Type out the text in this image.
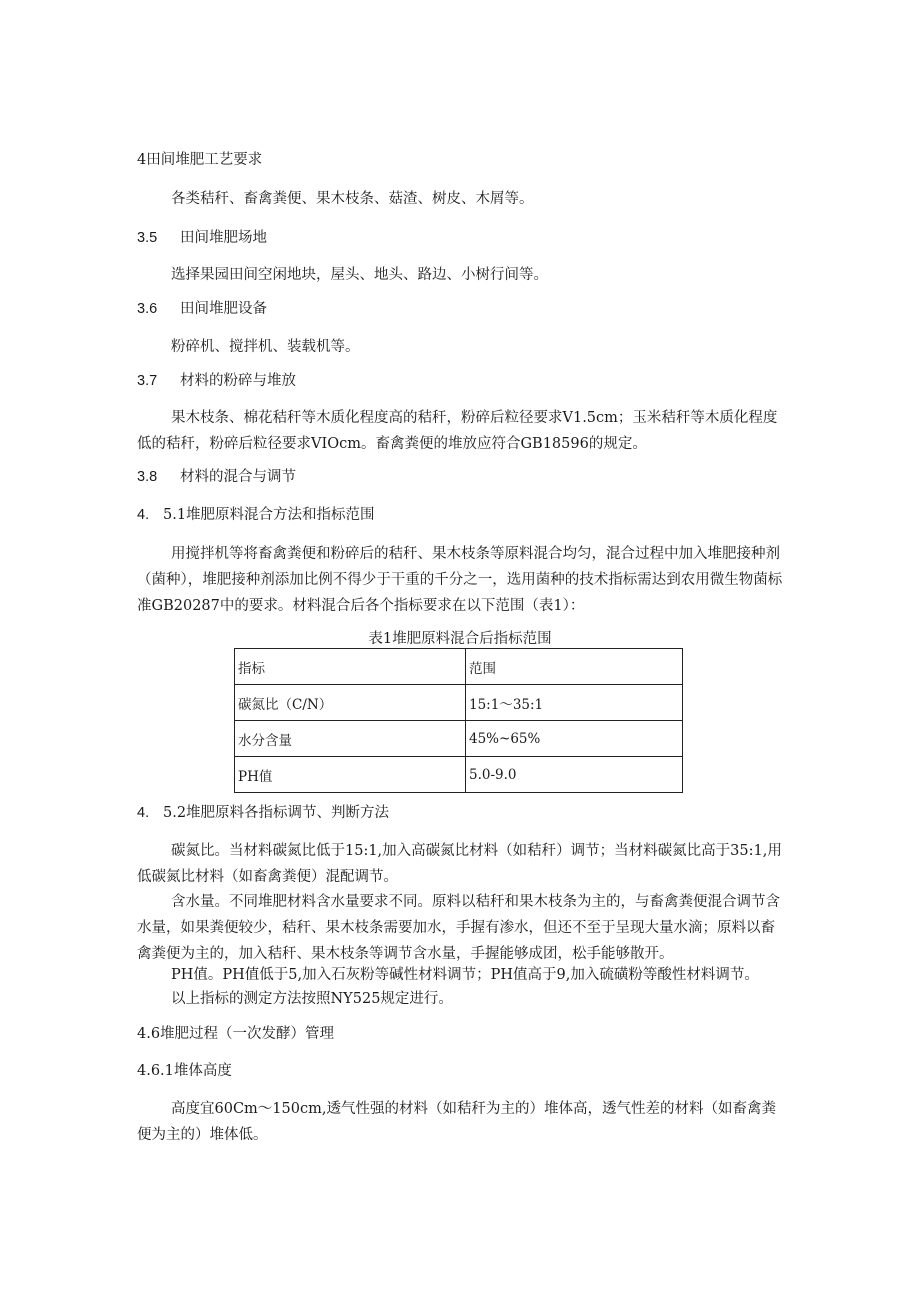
4田间堆肥工艺要求
各类秸秆、畜禽粪便、果木枝条、菇渣、树皮、木屑等。
3.5 田间堆肥场地
选择果园田间空闲地块，屋头、地头、路边、小树行间等。
3.6 田间堆肥设备
粉碎机、搅拌机、装载机等。
3.7 材料的粉碎与堆放
果木枝条、棉花秸秆等木质化程度高的秸秆，粉碎后粒径要求V1.5cm；玉米秸秆等木质化程度低的秸秆，粉碎后粒径要求VIOcm。畜禽粪便的堆放应符合GB18596的规定。
3.8 材料的混合与调节
4. 5.1堆肥原料混合方法和指标范围
用搅拌机等将畜禽粪便和粉碎后的秸秆、果木枝条等原料混合均匀，混合过程中加入堆肥接种剂（菌种），堆肥接种剂添加比例不得少于干重的千分之一，选用菌种的技术指标需达到农用微生物菌标准GB20287中的要求。材料混合后各个指标要求在以下范围（表1）：
表1堆肥原料混合后指标范围
指标	范围
碳氮比（C/N）	15:1～35:1
水分含量	45%~65%
PH值	5.0-9.0
4. 5.2堆肥原料各指标调节、判断方法
碳氮比。当材料碳氮比低于15:1,加入高碳氮比材料（如秸秆）调节；当材料碳氮比高于35:1,用低碳氮比材料（如畜禽粪便）混配调节。
含水量。不同堆肥材料含水量要求不同。原料以秸秆和果木枝条为主的，与畜禽粪便混合调节含水量，如果粪便较少，秸秆、果木枝条需要加水，手握有渗水，但还不至于呈现大量水滴；原料以畜禽粪便为主的，加入秸秆、果木枝条等调节含水量，手握能够成团，松手能够散开。
PH值。PH值低于5,加入石灰粉等碱性材料调节；PH值高于9,加入硫磺粉等酸性材料调节。
以上指标的测定方法按照NY525规定进行。
4.6堆肥过程（一次发酵）管理
4.6.1堆体高度
高度宜60Cm～150cm,透气性强的材料（如秸秆为主的）堆体高，透气性差的材料（如畜禽粪便为主的）堆体低。
